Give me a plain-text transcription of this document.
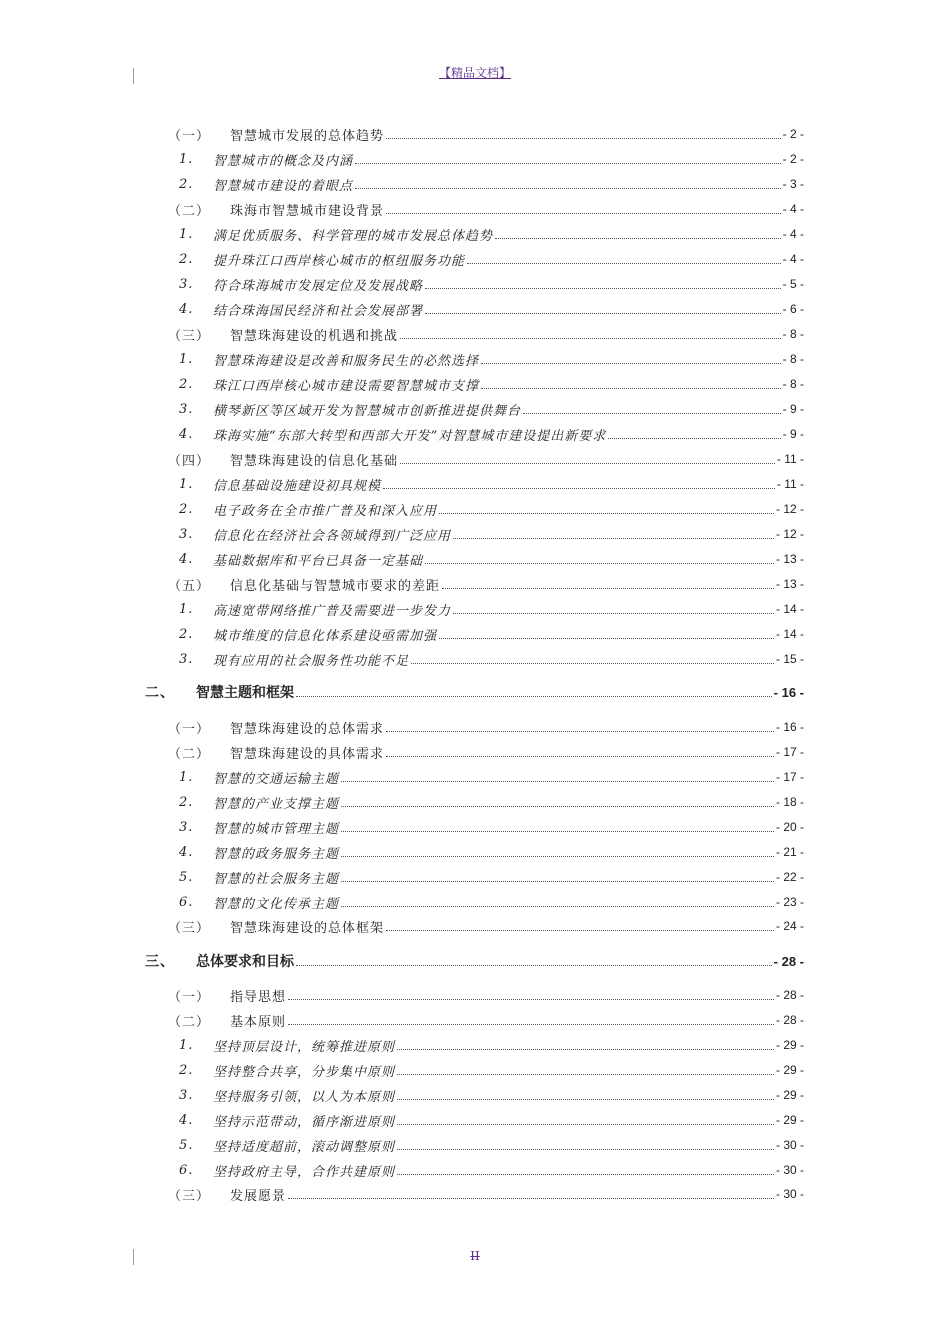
【精品文档】
（一） 智慧城市发展的总体趋势	- 2 -
1. 智慧城市的概念及内涵	- 2 -
2. 智慧城市建设的着眼点	- 3 -
（二） 珠海市智慧城市建设背景	- 4 -
1. 满足优质服务、科学管理的城市发展总体趋势	- 4 -
2. 提升珠江口西岸核心城市的枢纽服务功能	- 4 -
3. 符合珠海城市发展定位及发展战略	- 5 -
4. 结合珠海国民经济和社会发展部署	- 6 -
（三） 智慧珠海建设的机遇和挑战	- 8 -
1. 智慧珠海建设是改善和服务民生的必然选择	- 8 -
2. 珠江口西岸核心城市建设需要智慧城市支撑	- 8 -
3. 横琴新区等区域开发为智慧城市创新推进提供舞台	- 9 -
4. 珠海实施“东部大转型和西部大开发”对智慧城市建设提出新要求	- 9 -
（四） 智慧珠海建设的信息化基础	- 11 -
1. 信息基础设施建设初具规模	- 11 -
2. 电子政务在全市推广普及和深入应用	- 12 -
3. 信息化在经济社会各领域得到广泛应用	- 12 -
4. 基础数据库和平台已具备一定基础	- 13 -
（五） 信息化基础与智慧城市要求的差距	- 13 -
1. 高速宽带网络推广普及需要进一步发力	- 14 -
2. 城市维度的信息化体系建设亟需加强	- 14 -
3. 现有应用的社会服务性功能不足	- 15 -
二、 智慧主题和框架	- 16 -
（一） 智慧珠海建设的总体需求	- 16 -
（二） 智慧珠海建设的具体需求	- 17 -
1. 智慧的交通运输主题	- 17 -
2. 智慧的产业支撑主题	- 18 -
3. 智慧的城市管理主题	- 20 -
4. 智慧的政务服务主题	- 21 -
5. 智慧的社会服务主题	- 22 -
6. 智慧的文化传承主题	- 23 -
（三） 智慧珠海建设的总体框架	- 24 -
三、 总体要求和目标	- 28 -
（一） 指导思想	- 28 -
（二） 基本原则	- 28 -
1. 坚持顶层设计，统筹推进原则	- 29 -
2. 坚持整合共享，分步集中原则	- 29 -
3. 坚持服务引领，以人为本原则	- 29 -
4. 坚持示范带动，循序渐进原则	- 29 -
5. 坚持适度超前，滚动调整原则	- 30 -
6. 坚持政府主导，合作共建原则	- 30 -
（三） 发展愿景	- 30 -
II
